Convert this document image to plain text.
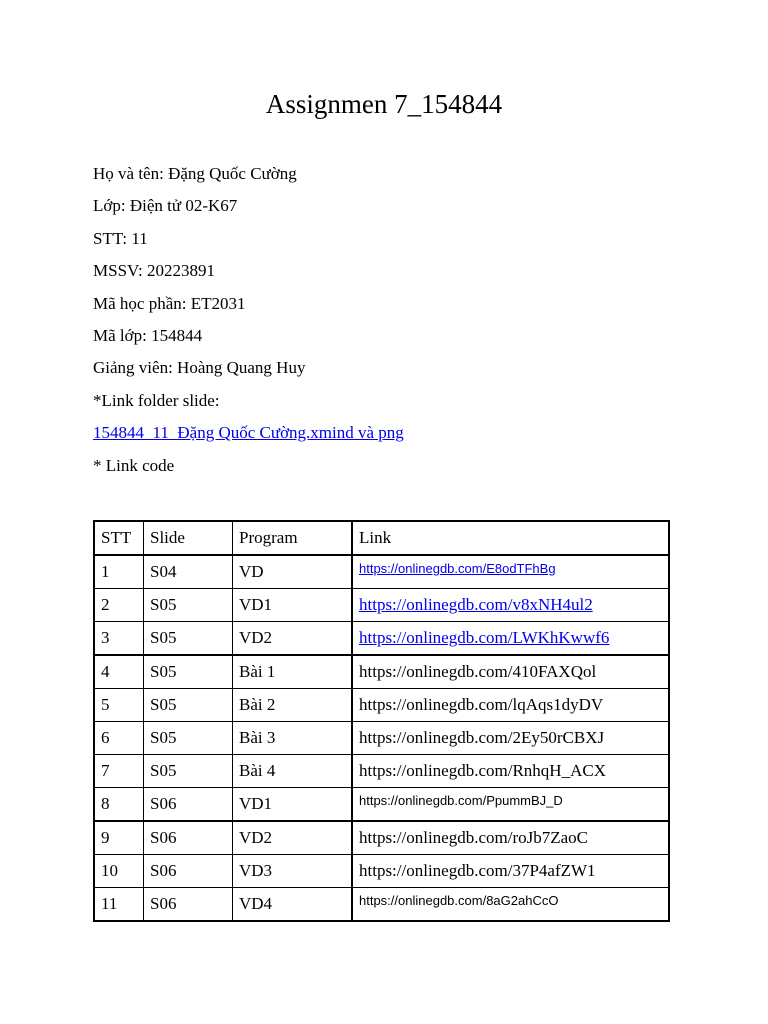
Assignmen 7_154844
Họ và tên: Đặng Quốc Cường
Lớp: Điện tử 02-K67
STT: 11
MSSV: 20223891
Mã học phần: ET2031
Mã lớp: 154844
Giảng viên: Hoàng Quang Huy
*Link folder slide:
154844_11_Đặng Quốc Cường.xmind và png
* Link code
STT	Slide	Program	Link
1	S04	VD	$^{https://onlinegdb.com/E8odTFhBg}$
2	S05	VD1	https://onlinegdb.com/v8xNH4ul2
3	S05	VD2	https://onlinegdb.com/LWKhKwwf6
4	S05	Bài 1	https://onlinegdb.com/410FAXQol
5	S05	Bài 2	https://onlinegdb.com/lqAqs1dyDV
6	S05	Bài 3	https://onlinegdb.com/2Ey50rCBXJ
7	S05	Bài 4	https://onlinegdb.com/RnhqH_ACX
8	S06	VD1	$^{https://onlinegdb.com/PpummBJ\_D}$
9	S06	VD2	https://onlinegdb.com/roJb7ZaoC
10	S06	VD3	https://onlinegdb.com/37P4afZW1
11	S06	VD4	$^{https://onlinegdb.com/8aG2ahCcO}$
